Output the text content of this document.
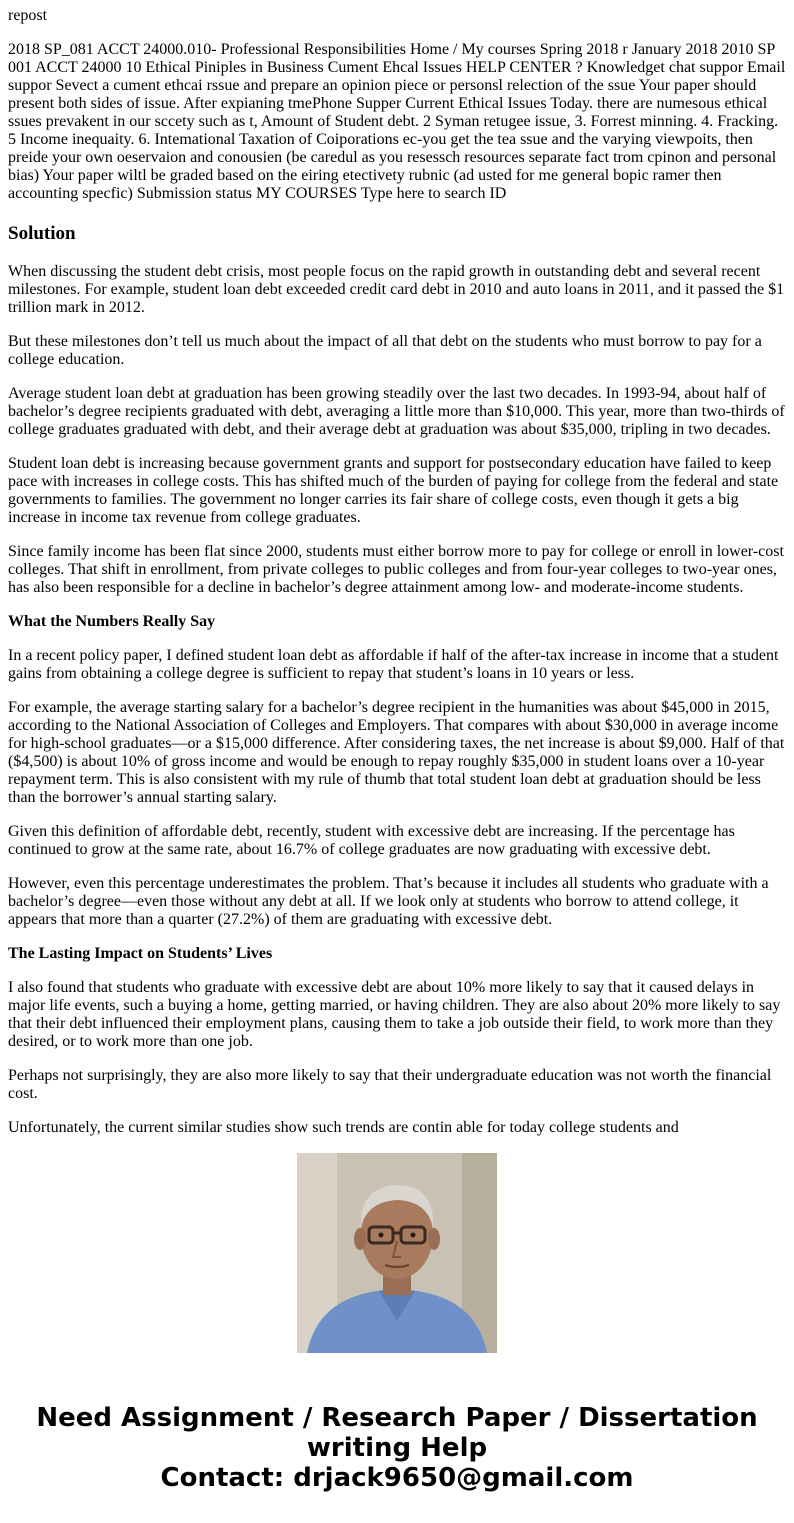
repost

2018 SP_081 ACCT 24000.010- Professional Responsibilities Home / My courses Spring 2018 r January 2018 2010 SP 001 ACCT 24000 10 Ethical Piniples in Business Cument Ehcal Issues HELP CENTER ? Knowledget chat suppor Email suppor Sevect a cument ethcai rssue and prepare an opinion piece or personsl relection of the ssue Your paper should present both sides of issue. After expianing tmePhone Supper Current Ethical Issues Today. there are numesous ethical ssues prevakent in our sccety such as t, Amount of Student debt. 2 Syman retugee issue, 3. Forrest minning. 4. Fracking. 5 Income inequaity. 6. Intemational Taxation of Coiporations ec-you get the tea ssue and the varying viewpoits, then preide your own oeservaion and conousien (be caredul as you resessch resources separate fact trom cpinon and personal bias) Your paper wiltl be graded based on the eiring etectivety rubnic (ad usted for me general bopic ramer then accounting specfic) Submission status MY COURSES Type here to search ID

Solution

When discussing the student debt crisis, most people focus on the rapid growth in outstanding debt and several recent milestones. For example, student loan debt exceeded credit card debt in 2010 and auto loans in 2011, and it passed the $1 trillion mark in 2012.

But these milestones don’t tell us much about the impact of all that debt on the students who must borrow to pay for a college education.

Average student loan debt at graduation has been growing steadily over the last two decades. In 1993-94, about half of bachelor’s degree recipients graduated with debt, averaging a little more than $10,000. This year, more than two-thirds of college graduates graduated with debt, and their average debt at graduation was about $35,000, tripling in two decades.

Student loan debt is increasing because government grants and support for postsecondary education have failed to keep pace with increases in college costs. This has shifted much of the burden of paying for college from the federal and state governments to families. The government no longer carries its fair share of college costs, even though it gets a big increase in income tax revenue from college graduates.

Since family income has been flat since 2000, students must either borrow more to pay for college or enroll in lower-cost colleges. That shift in enrollment, from private colleges to public colleges and from four-year colleges to two-year ones, has also been responsible for a decline in bachelor’s degree attainment among low- and moderate-income students.

What the Numbers Really Say

In a recent policy paper, I defined student loan debt as affordable if half of the after-tax increase in income that a student gains from obtaining a college degree is sufficient to repay that student’s loans in 10 years or less.

For example, the average starting salary for a bachelor’s degree recipient in the humanities was about $45,000 in 2015, according to the National Association of Colleges and Employers. That compares with about $30,000 in average income for high-school graduates—or a $15,000 difference. After considering taxes, the net increase is about $9,000. Half of that ($4,500) is about 10% of gross income and would be enough to repay roughly $35,000 in student loans over a 10-year repayment term. This is also consistent with my rule of thumb that total student loan debt at graduation should be less than the borrower’s annual starting salary.

Given this definition of affordable debt, recently, student with excessive debt are increasing. If the percentage has continued to grow at the same rate, about 16.7% of college graduates are now graduating with excessive debt.

However, even this percentage underestimates the problem. That’s because it includes all students who graduate with a bachelor’s degree—even those without any debt at all. If we look only at students who borrow to attend college, it appears that more than a quarter (27.2%) of them are graduating with excessive debt.

The Lasting Impact on Students’ Lives

I also found that students who graduate with excessive debt are about 10% more likely to say that it caused delays in major life events, such a buying a home, getting married, or having children. They are also about 20% more likely to say that their debt influenced their employment plans, causing them to take a job outside their field, to work more than they desired, or to work more than one job.

Perhaps not surprisingly, they are also more likely to say that their undergraduate education was not worth the financial cost.

Unfortunately, the current similar studies show such trends are contin able for today college students and

Need Assignment / Research Paper / Dissertation
writing Help
Contact: drjack9650@gmail.com
